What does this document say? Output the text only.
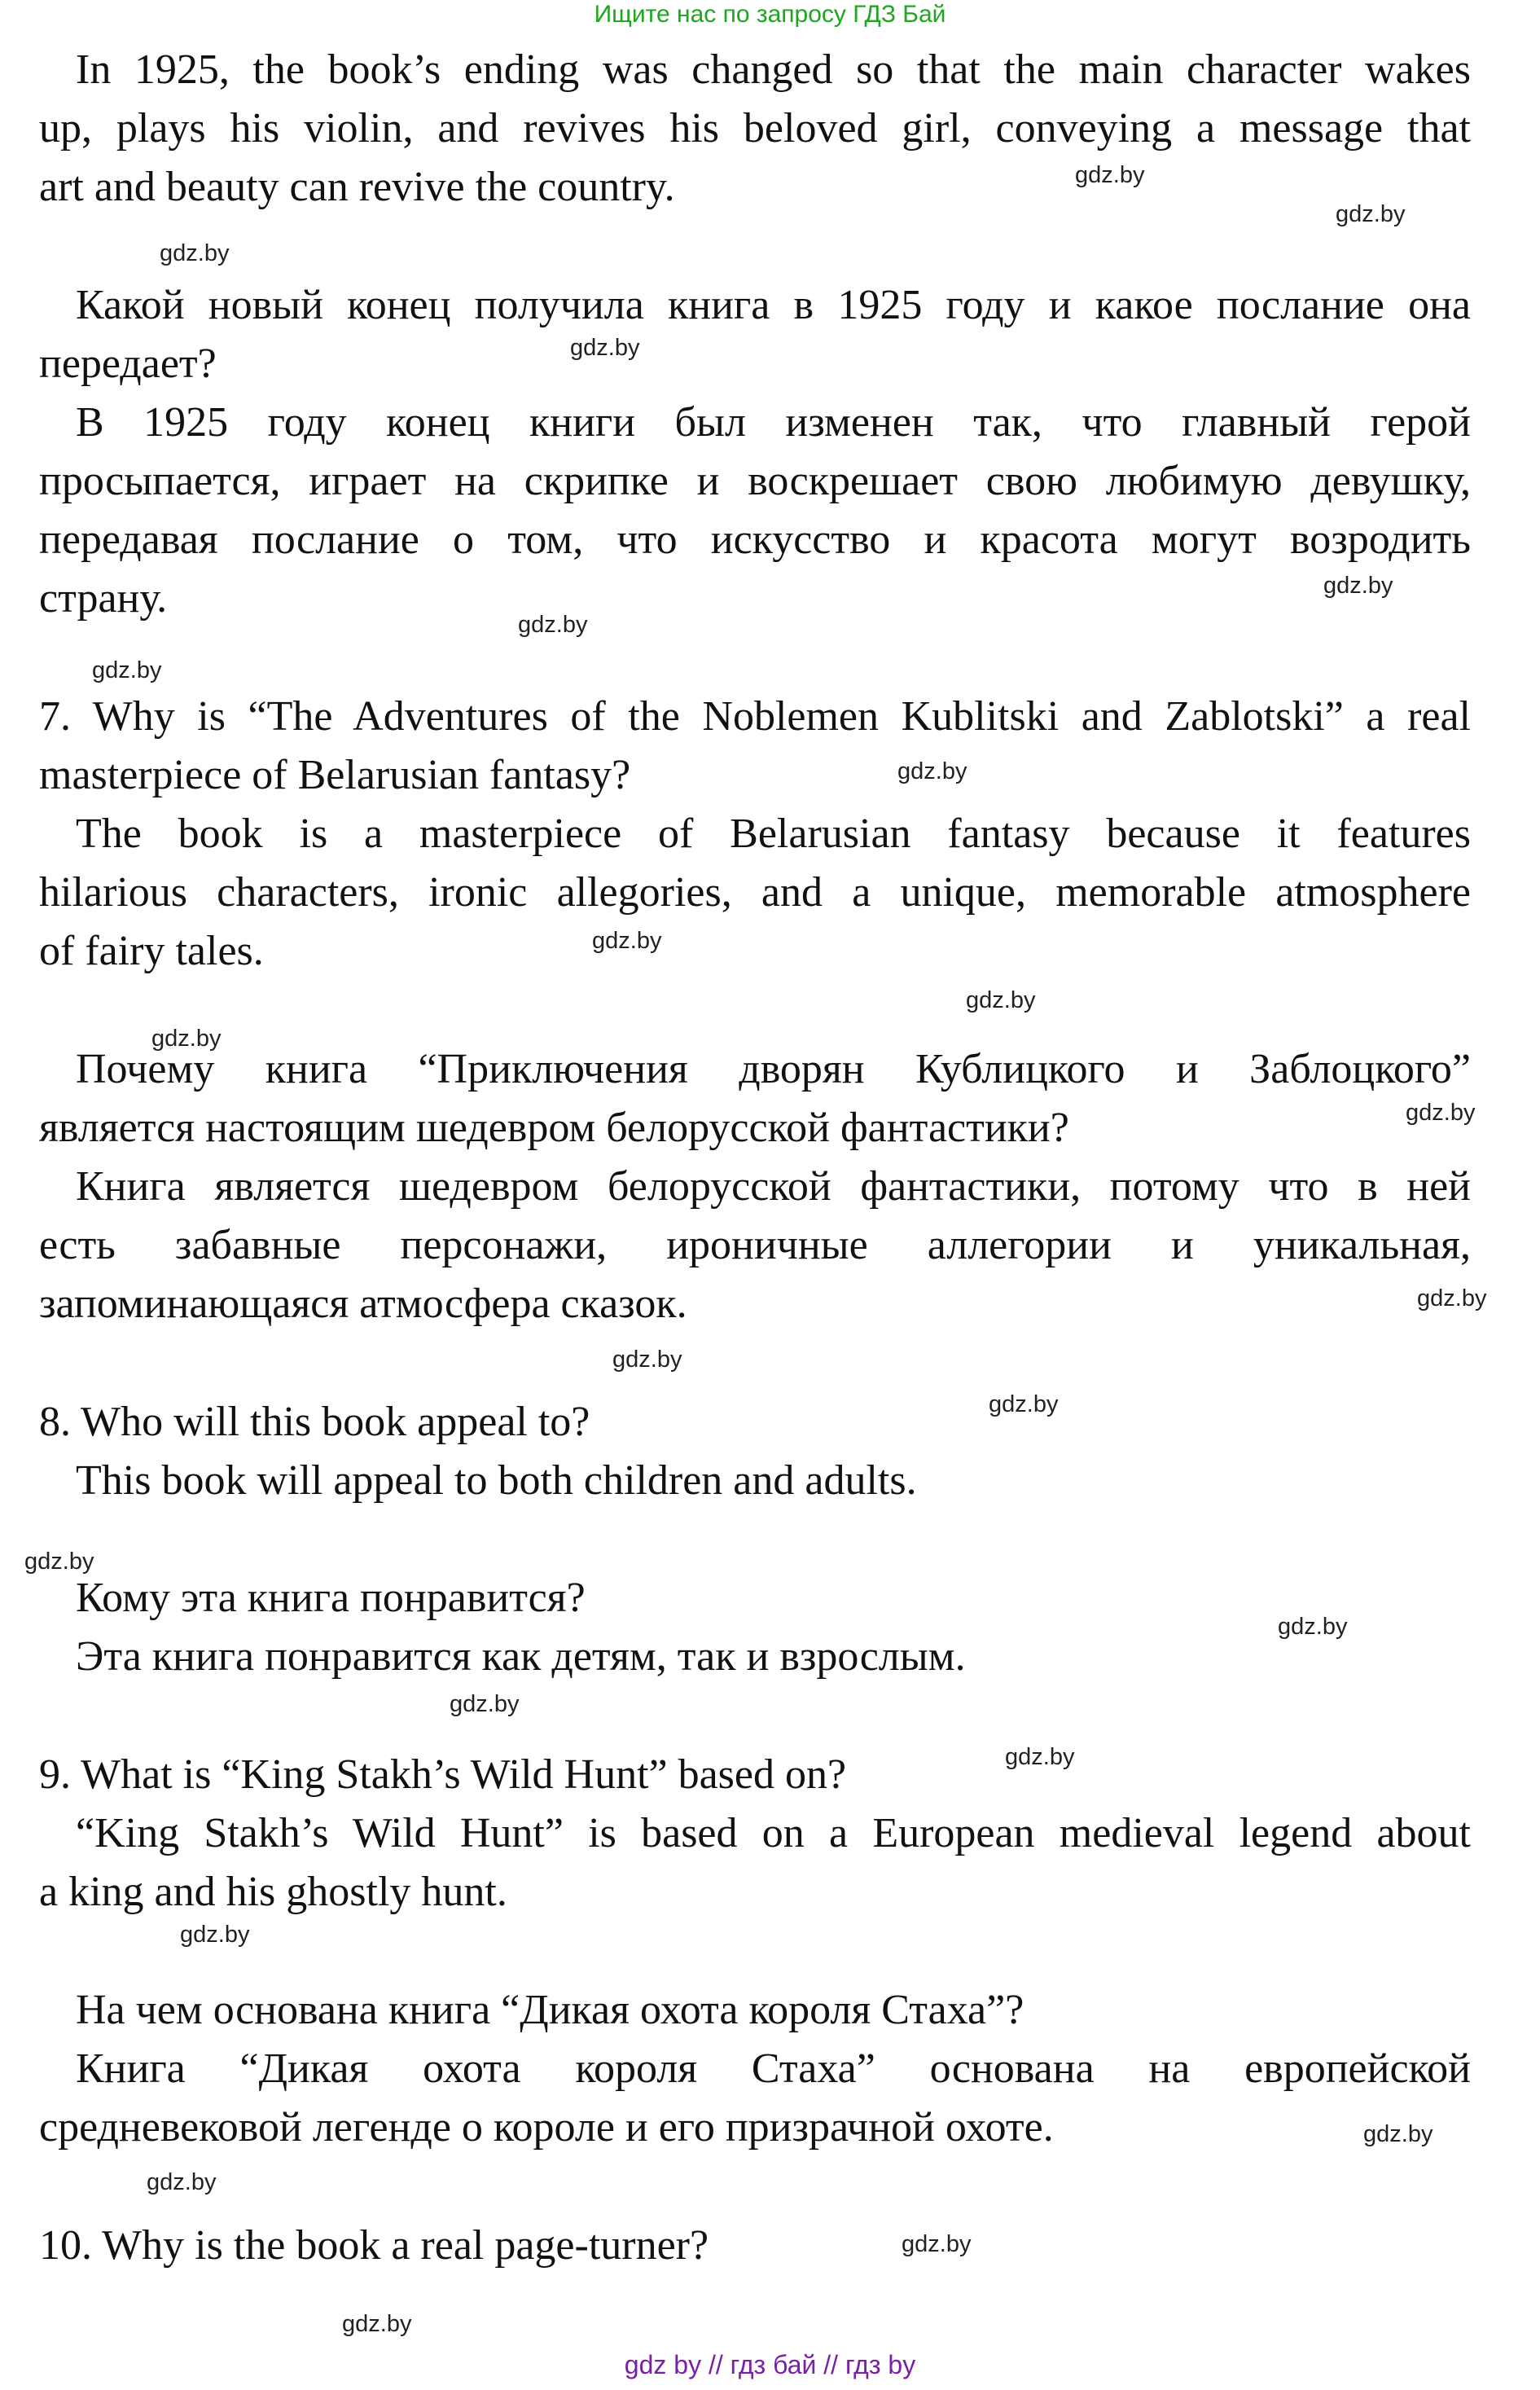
Ищите нас по запросу ГДЗ Бай
In 1925, the book’s ending was changed so that the main character wakes
up, plays his violin, and revives his beloved girl, conveying a message that
art and beauty can revive the country.
Какой новый конец получила книга в 1925 году и какое послание она
передает?
В 1925 году конец книги был изменен так, что главный герой
просыпается, играет на скрипке и воскрешает свою любимую девушку,
передавая послание о том, что искусство и красота могут возродить
страну.
7. Why is “The Adventures of the Noblemen Kublitski and Zablotski” a real
masterpiece of Belarusian fantasy?
The book is a masterpiece of Belarusian fantasy because it features
hilarious characters, ironic allegories, and a unique, memorable atmosphere
of fairy tales.
Почему книга “Приключения дворян Кублицкого и Заблоцкого”
является настоящим шедевром белорусской фантастики?
Книга является шедевром белорусской фантастики, потому что в ней
есть забавные персонажи, ироничные аллегории и уникальная,
запоминающаяся атмосфера сказок.
8. Who will this book appeal to?
This book will appeal to both children and adults.
Кому эта книга понравится?
Эта книга понравится как детям, так и взрослым.
9. What is “King Stakh’s Wild Hunt” based on?
“King Stakh’s Wild Hunt” is based on a European medieval legend about
a king and his ghostly hunt.
На чем основана книга “Дикая охота короля Стаха”?
Книга “Дикая охота короля Стаха” основана на европейской
средневековой легенде о короле и его призрачной охоте.
10. Why is the book a real page-turner?
gdz.by
gdz.by
gdz.by
gdz.by
gdz.by
gdz.by
gdz.by
gdz.by
gdz.by
gdz.by
gdz.by
gdz.by
gdz.by
gdz.by
gdz.by
gdz.by
gdz.by
gdz.by
gdz.by
gdz.by
gdz.by
gdz.by
gdz.by
gdz.by
gdz by // гдз бай // гдз by
